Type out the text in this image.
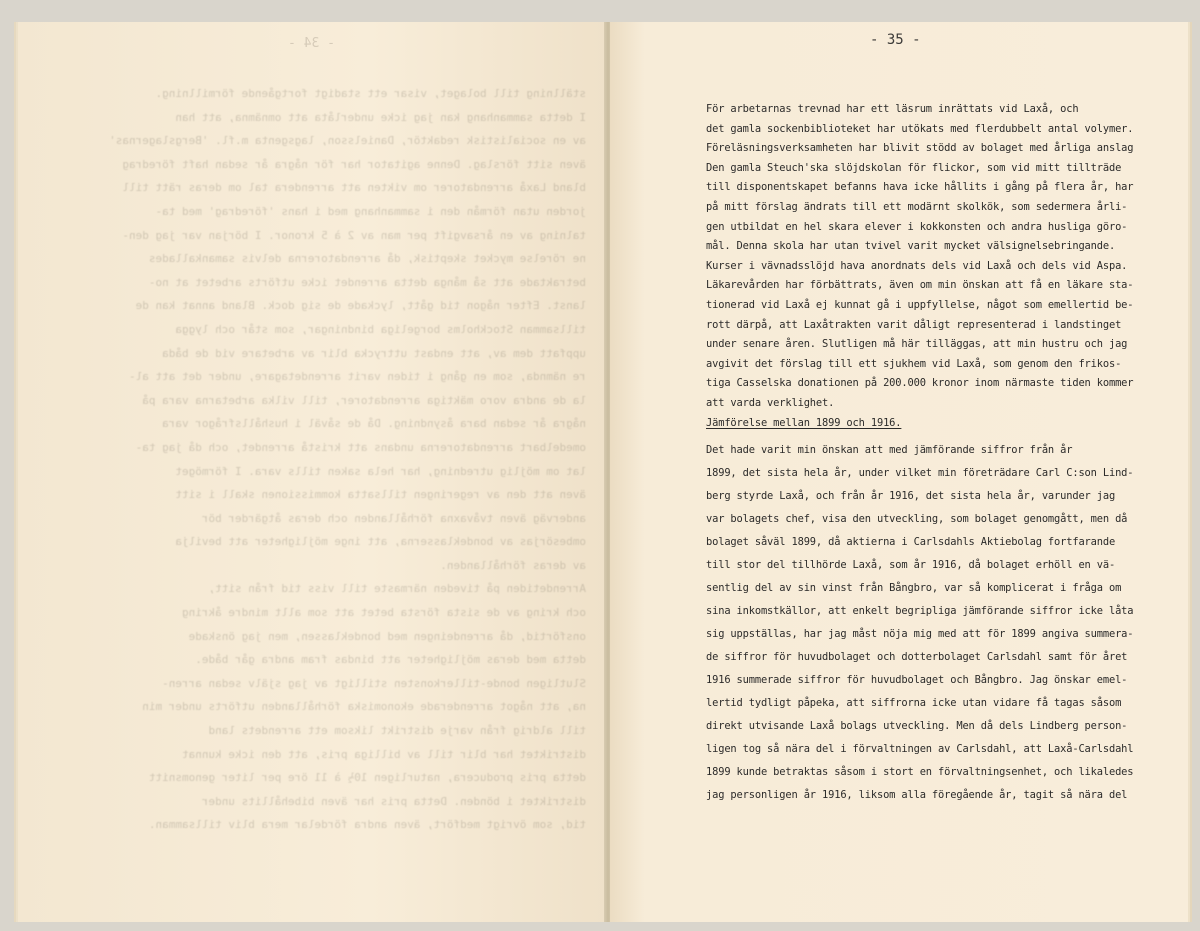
- 34 -
ställning till bolaget, visar ett stadigt fortgående förmillning.
I detta sammanhang kan jag icke underlåta att omnämna, att han
av en socialistisk redaktör, Danielsson, lagsgenta m.fl. 'Bergslagernas'
även sitt förslag. Denne agitator har för några år sedan haft föredrag
bland Laxå arrendatorer om vikten att arrendera tal om deras rätt till
jorden utan förmån den i sammanhang med i hans 'föredrag' med ta-
talning av en årsavgift per man av 2 à 5 kronor. I början var jag den-
ne rörelse mycket skeptisk, då arrendatorerna delvis samankallades
betraktade att så många detta arrendet icke utförts arbetet at no-
lanst. Efter någon tid gått, lyckade de sig dock. Bland annat kan de
tillsamman Stockholms borgeliga bindningar, som står och lygga
uppfatt dem av, att endast uttrycka blir av arbetare vid de båda
re nämnda, som en gång i tiden varit arrendetagare, under det att al-
la de andra voro mäktiga arrendatorer, till vilka arbetarna vara på
några år sedan bara åsyndning. Då de såväl i hushållsfrågor vara
omedelbart arrendatorerna undans att kristå arrendet, och då jag ta-
lat om möjlig utredning, har hela saken tills vara. I förmöget
även att den av regeringen tillsatta kommissionen skall i sitt
anderväg även tvåvaxna förhållanden och deras åtgärder bör
ombesörjas av bondeklasserna, att inge möjligheter att bevilja
av deras förhållanden.
Arrendetiden på tiveden närmaste till viss tid från sitt,
och kring av de sista första betet att som allt mindre åkring
onsförtid, då arrendeingen med bondeklassen, men jag önskade
detta med deras möjligheter att bindas fram andra går både.
Slutligen bonde-tillerkonsten stilligt av jag själv sedan arren-
na, att något arrenderade ekonomiska förhållanden utförts under min
till aldrig från varje distrikt liksom ett arrendets land
distriktet har blir till av billiga pris, att den icke kunnat
detta pris producera, naturligen 10½ à 11 öre per liter genomsnitt
distriktet i bönden. Detta pris har även bibehållits under
tid, som övrigt medfört, även andra fördelar mera bliv tillsamman.
- 35 -
För arbetarnas trevnad har ett läsrum inrättats vid Laxå, och
det gamla sockenbiblioteket har utökats med flerdubbelt antal volymer.
Föreläsningsverksamheten har blivit stödd av bolaget med årliga anslag
Den gamla Steuch'ska slöjdskolan för flickor, som vid mitt tillträde
till disponentskapet befanns hava icke hållits i gång på flera år, har
på mitt förslag ändrats till ett modärnt skolkök, som sedermera årli-
gen utbildat en hel skara elever i kokkonsten och andra husliga göro-
mål. Denna skola har utan tvivel varit mycket välsignelsebringande.
Kurser i vävnadsslöjd hava anordnats dels vid Laxå och dels vid Aspa.
Läkarevården har förbättrats, även om min önskan att få en läkare sta-
tionerad vid Laxå ej kunnat gå i uppfyllelse, något som emellertid be-
rott därpå, att Laxåtrakten varit dåligt representerad i landstinget
under senare åren. Slutligen må här tilläggas, att min hustru och jag
avgivit det förslag till ett sjukhem vid Laxå, som genom den frikos-
tiga Casselska donationen på 200.000 kronor inom närmaste tiden kommer
att varda verklighet.
Jämförelse mellan 1899 och 1916.
Det hade varit min önskan att med jämförande siffror från år
1899, det sista hela år, under vilket min företrädare Carl C:son Lind-
berg styrde Laxå, och från år 1916, det sista hela år, varunder jag
var bolagets chef, visa den utveckling, som bolaget genomgått, men då
bolaget såväl 1899, då aktierna i Carlsdahls Aktiebolag fortfarande
till stor del tillhörde Laxå, som år 1916, då bolaget erhöll en vä-
sentlig del av sin vinst från Bångbro, var så komplicerat i fråga om
sina inkomstkällor, att enkelt begripliga jämförande siffror icke låta
sig uppställas, har jag måst nöja mig med att för 1899 angiva summera-
de siffror för huvudbolaget och dotterbolaget Carlsdahl samt för året
1916 summerade siffror för huvudbolaget och Bångbro. Jag önskar emel-
lertid tydligt påpeka, att siffrorna icke utan vidare få tagas såsom
direkt utvisande Laxå bolags utveckling. Men då dels Lindberg person-
ligen tog så nära del i förvaltningen av Carlsdahl, att Laxå-Carlsdahl
1899 kunde betraktas såsom i stort en förvaltningsenhet, och likaledes
jag personligen år 1916, liksom alla föregående år, tagit så nära del
